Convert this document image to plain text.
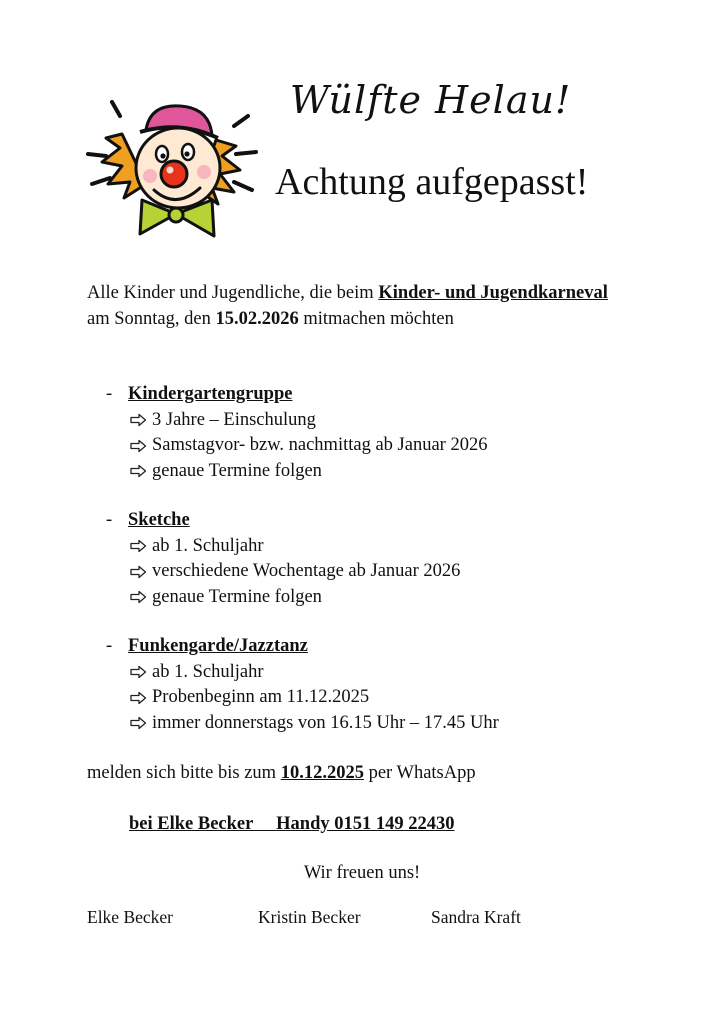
Wülfte Helau!
Achtung aufgepasst!

Alle Kinder und Jugendliche, die beim Kinder- und Jugendkarneval am Sonntag, den 15.02.2026 mitmachen möchten

- Kindergartengruppe
3 Jahre – Einschulung
Samstagvor- bzw. nachmittag ab Januar 2026
genaue Termine folgen
- Sketche
ab 1. Schuljahr
verschiedene Wochentage ab Januar 2026
genaue Termine folgen
- Funkengarde/Jazztanz
ab 1. Schuljahr
Probenbeginn am 11.12.2025
immer donnerstags von 16.15 Uhr – 17.45 Uhr

melden sich bitte bis zum 10.12.2025 per WhatsApp

bei Elke Becker Handy 0151 149 22430

Wir freuen uns!

Elke Becker	Kristin Becker	Sandra Kraft
